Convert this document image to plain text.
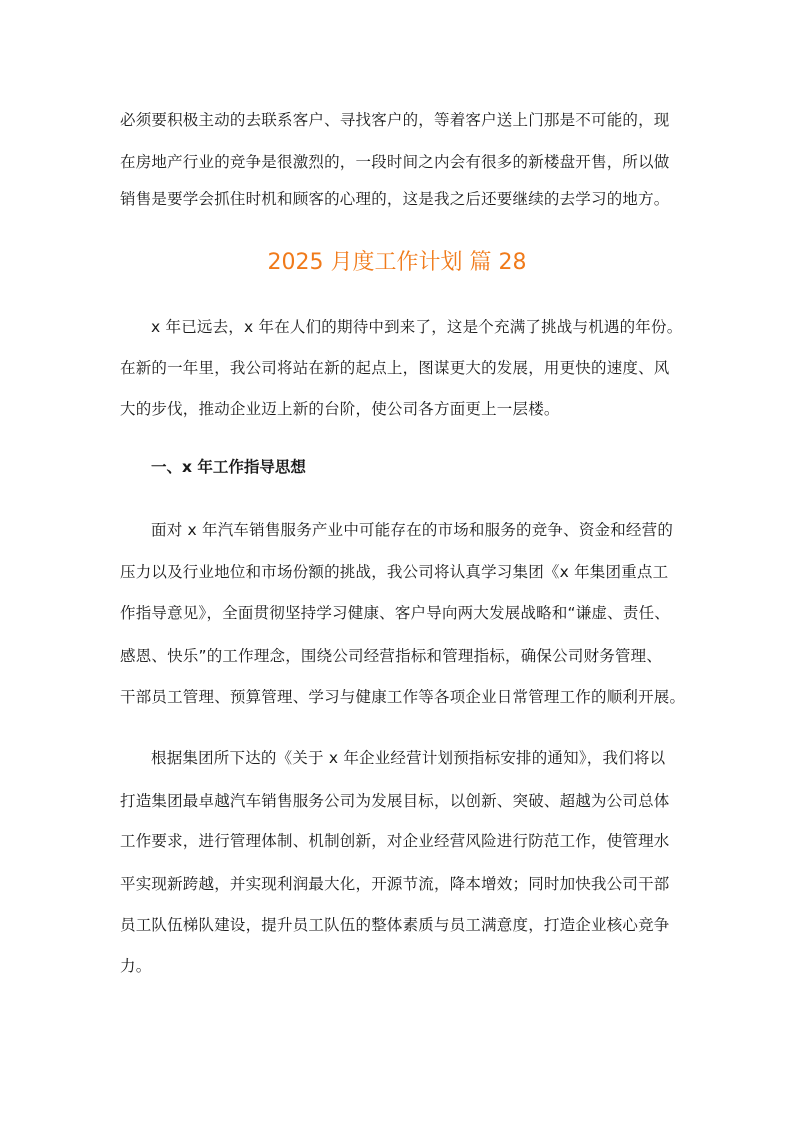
必须要积极主动的去联系客户、寻找客户的，等着客户送上门那是不可能的，现
在房地产行业的竞争是很激烈的，一段时间之内会有很多的新楼盘开售，所以做
销售是要学会抓住时机和顾客的心理的，这是我之后还要继续的去学习的地方。
2025 月度工作计划 篇 28
x 年已远去，x 年在人们的期待中到来了，这是个充满了挑战与机遇的年份。
在新的一年里，我公司将站在新的起点上，图谋更大的发展，用更快的速度、风
大的步伐，推动企业迈上新的台阶，使公司各方面更上一层楼。
一、x 年工作指导思想
面对 x 年汽车销售服务产业中可能存在的市场和服务的竞争、资金和经营的
压力以及行业地位和市场份额的挑战，我公司将认真学习集团《x 年集团重点工
作指导意见》，全面贯彻坚持学习健康、客户导向两大发展战略和“谦虚、责任、
感恩、快乐”的工作理念，围绕公司经营指标和管理指标，确保公司财务管理、
干部员工管理、预算管理、学习与健康工作等各项企业日常管理工作的顺利开展。
根据集团所下达的《关于 x 年企业经营计划预指标安排的通知》，我们将以
打造集团最卓越汽车销售服务公司为发展目标，以创新、突破、超越为公司总体
工作要求，进行管理体制、机制创新，对企业经营风险进行防范工作，使管理水
平实现新跨越，并实现利润最大化，开源节流，降本增效；同时加快我公司干部
员工队伍梯队建设，提升员工队伍的整体素质与员工满意度，打造企业核心竞争
力。
